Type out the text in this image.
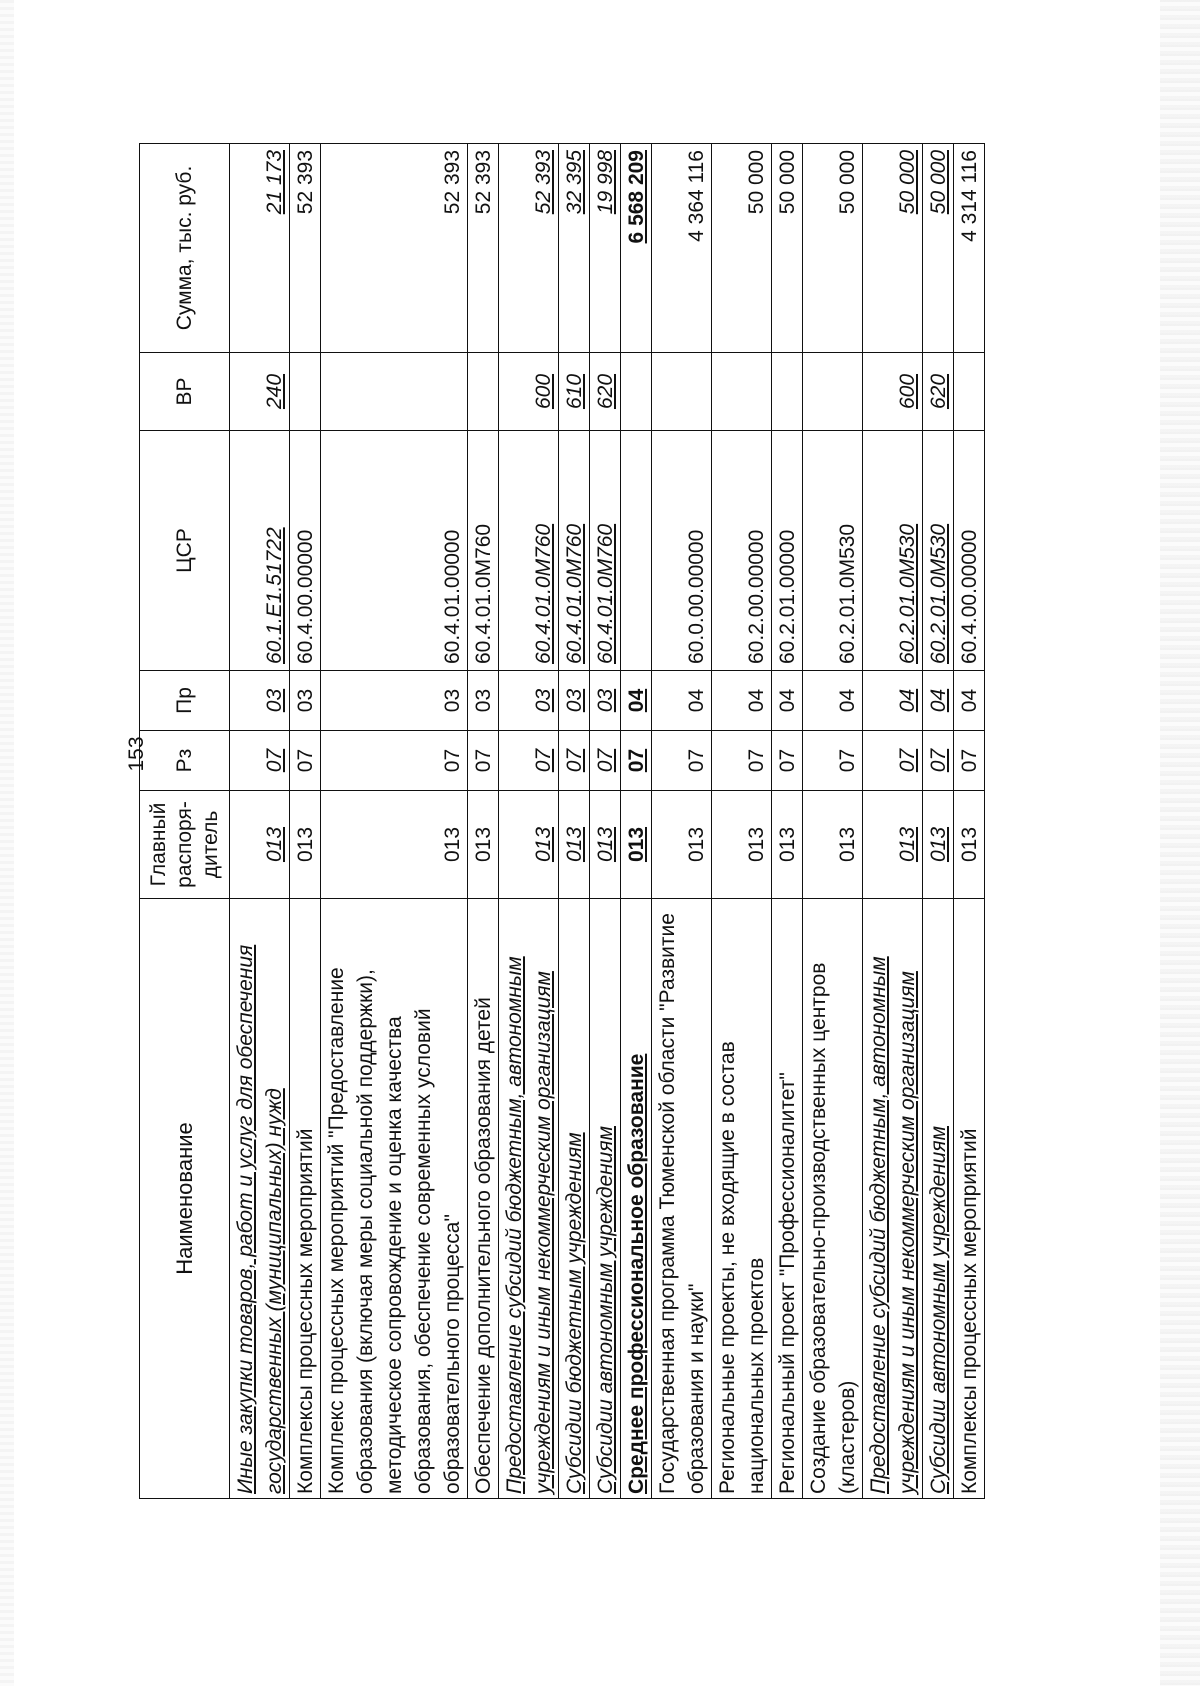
153
Наименование	Главный распоря-дитель	Рз	Пр	ЦСР	ВР	Сумма, тыс. руб.
Иные закупки товаров, работ и услуг для обеспечения государственных (муниципальных) нужд	013	07	03	60.1.E1.51722	240	21 173
Комплексы процессных мероприятий	013	07	03	60.4.00.00000		52 393
Комплекс процессных мероприятий "Предоставление образования (включая меры социальной поддержки), методическое сопровождение и оценка качества образования, обеспечение современных условий образовательного процесса"	013	07	03	60.4.01.00000		52 393
Обеспечение дополнительного образования детей	013	07	03	60.4.01.0M760		52 393
Предоставление субсидий бюджетным, автономным учреждениям и иным некоммерческим организациям	013	07	03	60.4.01.0M760	600	52 393
Субсидии бюджетным учреждениям	013	07	03	60.4.01.0M760	610	32 395
Субсидии автономным учреждениям	013	07	03	60.4.01.0M760	620	19 998
Среднее профессиональное образование	013	07	04			6 568 209
Государственная программа Тюменской области "Развитие образования и науки"	013	07	04	60.0.00.00000		4 364 116
Региональные проекты, не входящие в состав национальных проектов	013	07	04	60.2.00.00000		50 000
Региональный проект "Профессионалитет"	013	07	04	60.2.01.00000		50 000
Создание образовательно-производственных центров (кластеров)	013	07	04	60.2.01.0M530		50 000
Предоставление субсидий бюджетным, автономным учреждениям и иным некоммерческим организациям	013	07	04	60.2.01.0M530	600	50 000
Субсидии автономным учреждениям	013	07	04	60.2.01.0M530	620	50 000
Комплексы процессных мероприятий	013	07	04	60.4.00.00000		4 314 116
